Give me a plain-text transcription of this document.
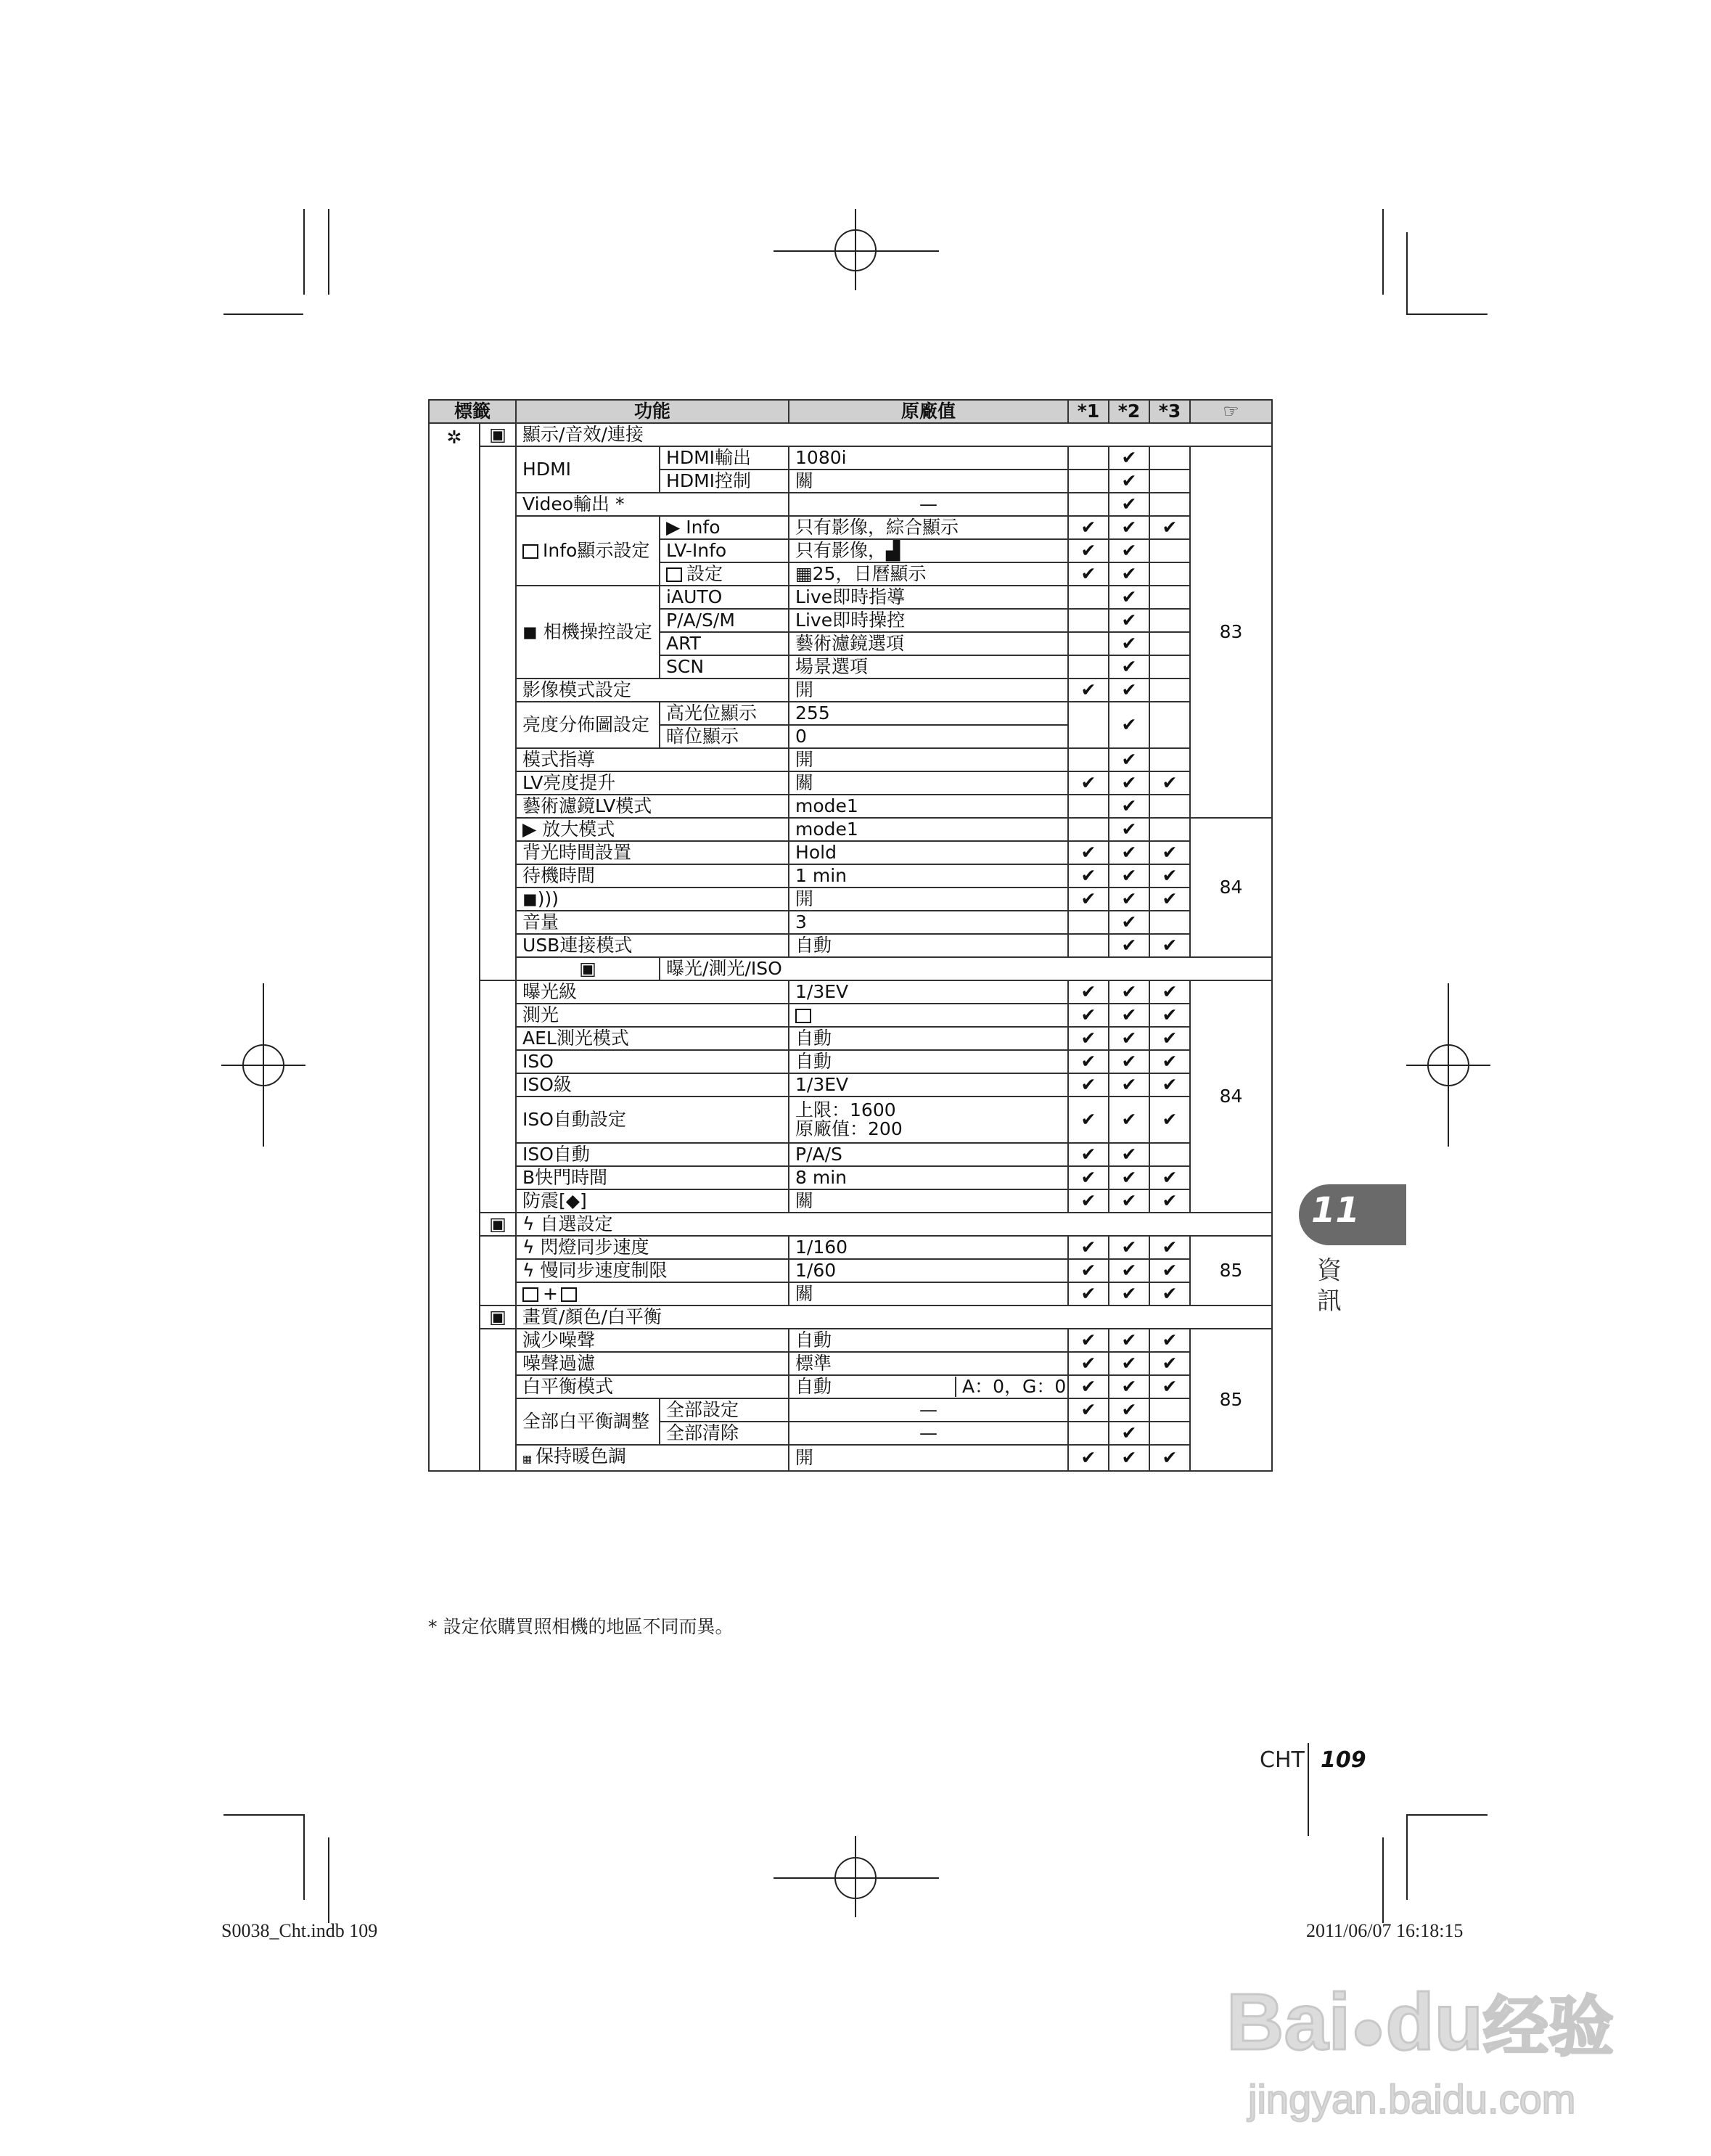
標籤		功能		原廠值	*1	*2	*3	☞
✲	▣	顯示/音效/連接						
		HDMI	HDMI輸出	1080i		✔		83
			HDMI控制	關		✔		
		Video輸出 *		—		✔		
		Info顯示設定	▶ Info	只有影像，綜合顯示	✔	✔	✔	
			LV-Info	只有影像，▟	✔	✔		
			設定	▦25，日曆顯示	✔	✔		
		◼ 相機操控設定	iAUTO	Live即時指導		✔		
			P/A/S/M	Live即時操控		✔		
			ART	藝術濾鏡選項		✔		
			SCN	場景選項		✔		
		影像模式設定		開	✔	✔		
		亮度分佈圖設定	高光位顯示	255		✔		
			暗位顯示	0				
		模式指導		開		✔		
		LV亮度提升		關	✔	✔	✔	
		藝術濾鏡LV模式		mode1		✔		
		▶ 放大模式		mode1		✔		84
		背光時間設置		Hold	✔	✔	✔	
		待機時間		1 min	✔	✔	✔	
		◼)))		開	✔	✔	✔	
		音量		3		✔		
		USB連接模式		自動		✔	✔	
		▣	曝光/測光/ISO					
		曝光級		1/3EV	✔	✔	✔	84
		測光			✔	✔	✔	
		AEL測光模式		自動	✔	✔	✔	
		ISO		自動	✔	✔	✔	
		ISO級		1/3EV	✔	✔	✔	
		ISO自動設定		上限：1600
原廠值：200	✔	✔	✔	
		ISO自動		P/A/S	✔	✔		
		B快門時間		8 min	✔	✔	✔	
		防震[◆]		關	✔	✔	✔	
	▣	ϟ 自選設定						
		ϟ 閃燈同步速度		1/160	✔	✔	✔	85
		ϟ 慢同步速度制限		1/60	✔	✔	✔	
		+		關	✔	✔	✔	
	▣	畫質/顏色/白平衡						
		減少噪聲		自動	✔	✔	✔	85
		噪聲過濾		標準	✔	✔	✔	
		白平衡模式		自動 A：0，G：0	✔	✔	✔	
		全部白平衡調整	全部設定	—	✔	✔		
			全部清除	—		✔		
		▦ 保持暖色調		開	✔	✔	✔	
* 設定依購買照相機的地區不同而異。
11
資
訊
CHT 109
S0038_Cht.indb 109	2011/06/07 16:18:15
Bai●du经验
jingyan.baidu.com
